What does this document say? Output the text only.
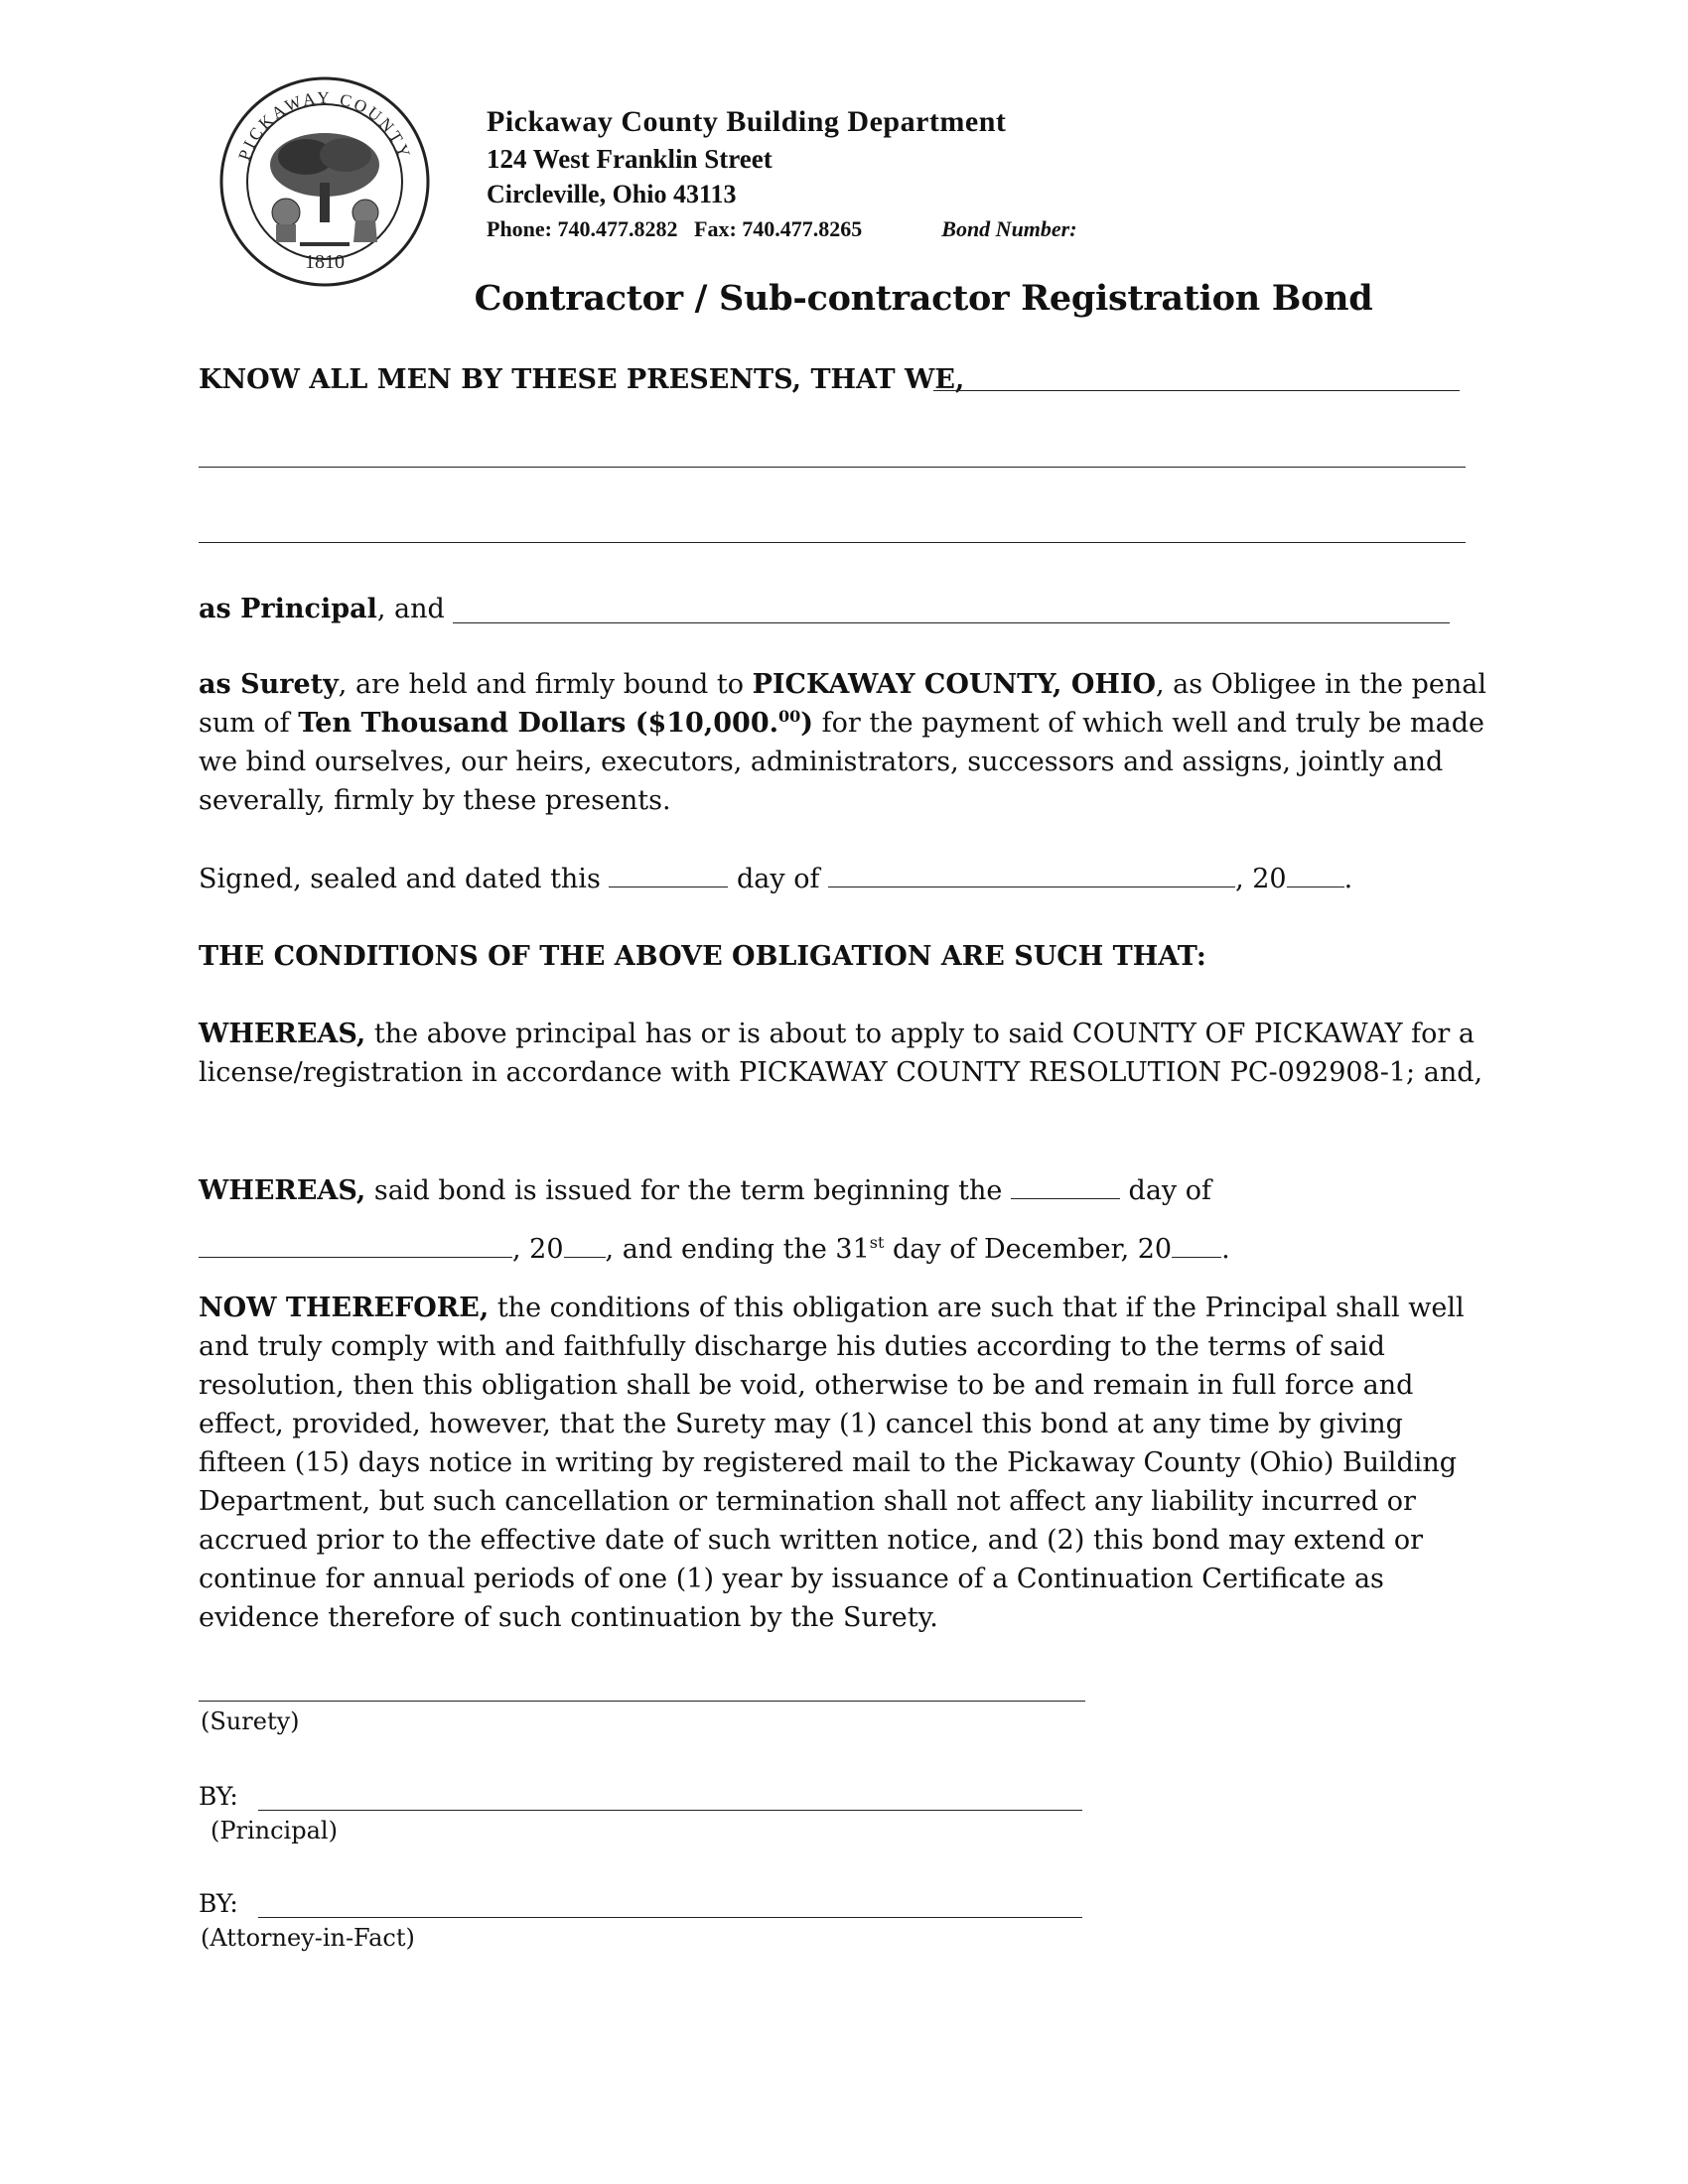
PICKAWAY COUNTY
1810
Pickaway County Building Department
124 West Franklin Street
Circleville, Ohio 43113
Phone: 740.477.8282 Fax: 740.477.8265	Bond Number:
Contractor / Sub-contractor Registration Bond
KNOW ALL MEN BY THESE PRESENTS, THAT WE,
as Principal, and
as Surety, are held and firmly bound to PICKAWAY COUNTY, OHIO, as Obligee in the penal sum of Ten Thousand Dollars ($10,000.00) for the payment of which well and truly be made we bind ourselves, our heirs, executors, administrators, successors and assigns, jointly and severally, firmly by these presents.
Signed, sealed and dated this	day of	, 20 .
THE CONDITIONS OF THE ABOVE OBLIGATION ARE SUCH THAT:
WHEREAS, the above principal has or is about to apply to said COUNTY OF PICKAWAY for a license/registration in accordance with PICKAWAY COUNTY RESOLUTION PC-092908-1; and,
WHEREAS, said bond is issued for the term beginning the	day of
, 20 , and ending the 31st day of December, 20 .
NOW THEREFORE, the conditions of this obligation are such that if the Principal shall well and truly comply with and faithfully discharge his duties according to the terms of said resolution, then this obligation shall be void, otherwise to be and remain in full force and effect, provided, however, that the Surety may (1) cancel this bond at any time by giving fifteen (15) days notice in writing by registered mail to the Pickaway County (Ohio) Building Department, but such cancellation or termination shall not affect any liability incurred or accrued prior to the effective date of such written notice, and (2) this bond may extend or continue for annual periods of one (1) year by issuance of a Continuation Certificate as evidence therefore of such continuation by the Surety.
(Surety)
BY:
(Principal)
BY:
(Attorney-in-Fact)
